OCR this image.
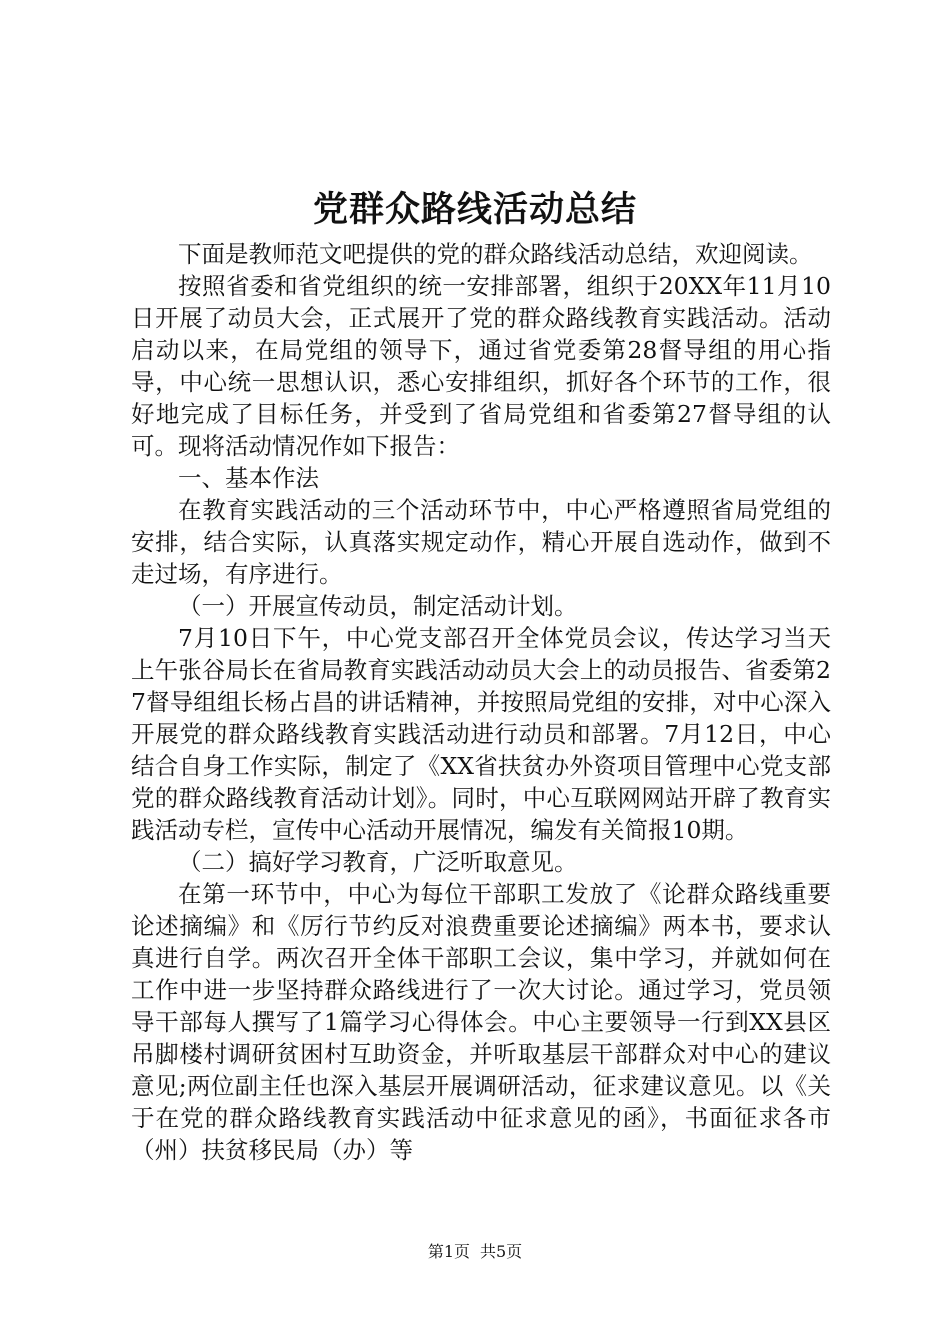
党群众路线活动总结

下面是教师范文吧提供的党的群众路线活动总结，欢迎阅读。

按照省委和省党组织的统一安排部署，组织于20XX年11月10日开展了动员大会，正式展开了党的群众路线教育实践活动。活动启动以来，在局党组的领导下，通过省党委第28督导组的用心指导，中心统一思想认识，悉心安排组织，抓好各个环节的工作，很好地完成了目标任务，并受到了省局党组和省委第27督导组的认可。现将活动情况作如下报告：

一、基本作法

在教育实践活动的三个活动环节中，中心严格遵照省局党组的安排，结合实际，认真落实规定动作，精心开展自选动作，做到不走过场，有序进行。

（一）开展宣传动员，制定活动计划。

7月10日下午，中心党支部召开全体党员会议，传达学习当天上午张谷局长在省局教育实践活动动员大会上的动员报告、省委第27督导组组长杨占昌的讲话精神，并按照局党组的安排，对中心深入开展党的群众路线教育实践活动进行动员和部署。7月12日，中心结合自身工作实际，制定了《XX省扶贫办外资项目管理中心党支部党的群众路线教育活动计划》。同时，中心互联网网站开辟了教育实践活动专栏，宣传中心活动开展情况，编发有关简报10期。

（二）搞好学习教育，广泛听取意见。

在第一环节中，中心为每位干部职工发放了《论群众路线重要论述摘编》和《厉行节约反对浪费重要论述摘编》两本书，要求认真进行自学。两次召开全体干部职工会议，集中学习，并就如何在工作中进一步坚持群众路线进行了一次大讨论。通过学习，党员领导干部每人撰写了1篇学习心得体会。中心主要领导一行到XX县区吊脚楼村调研贫困村互助资金，并听取基层干部群众对中心的建议意见;两位副主任也深入基层开展调研活动，征求建议意见。以《关于在党的群众路线教育实践活动中征求意见的函》，书面征求各市（州）扶贫移民局（办）等

第1页 共5页
